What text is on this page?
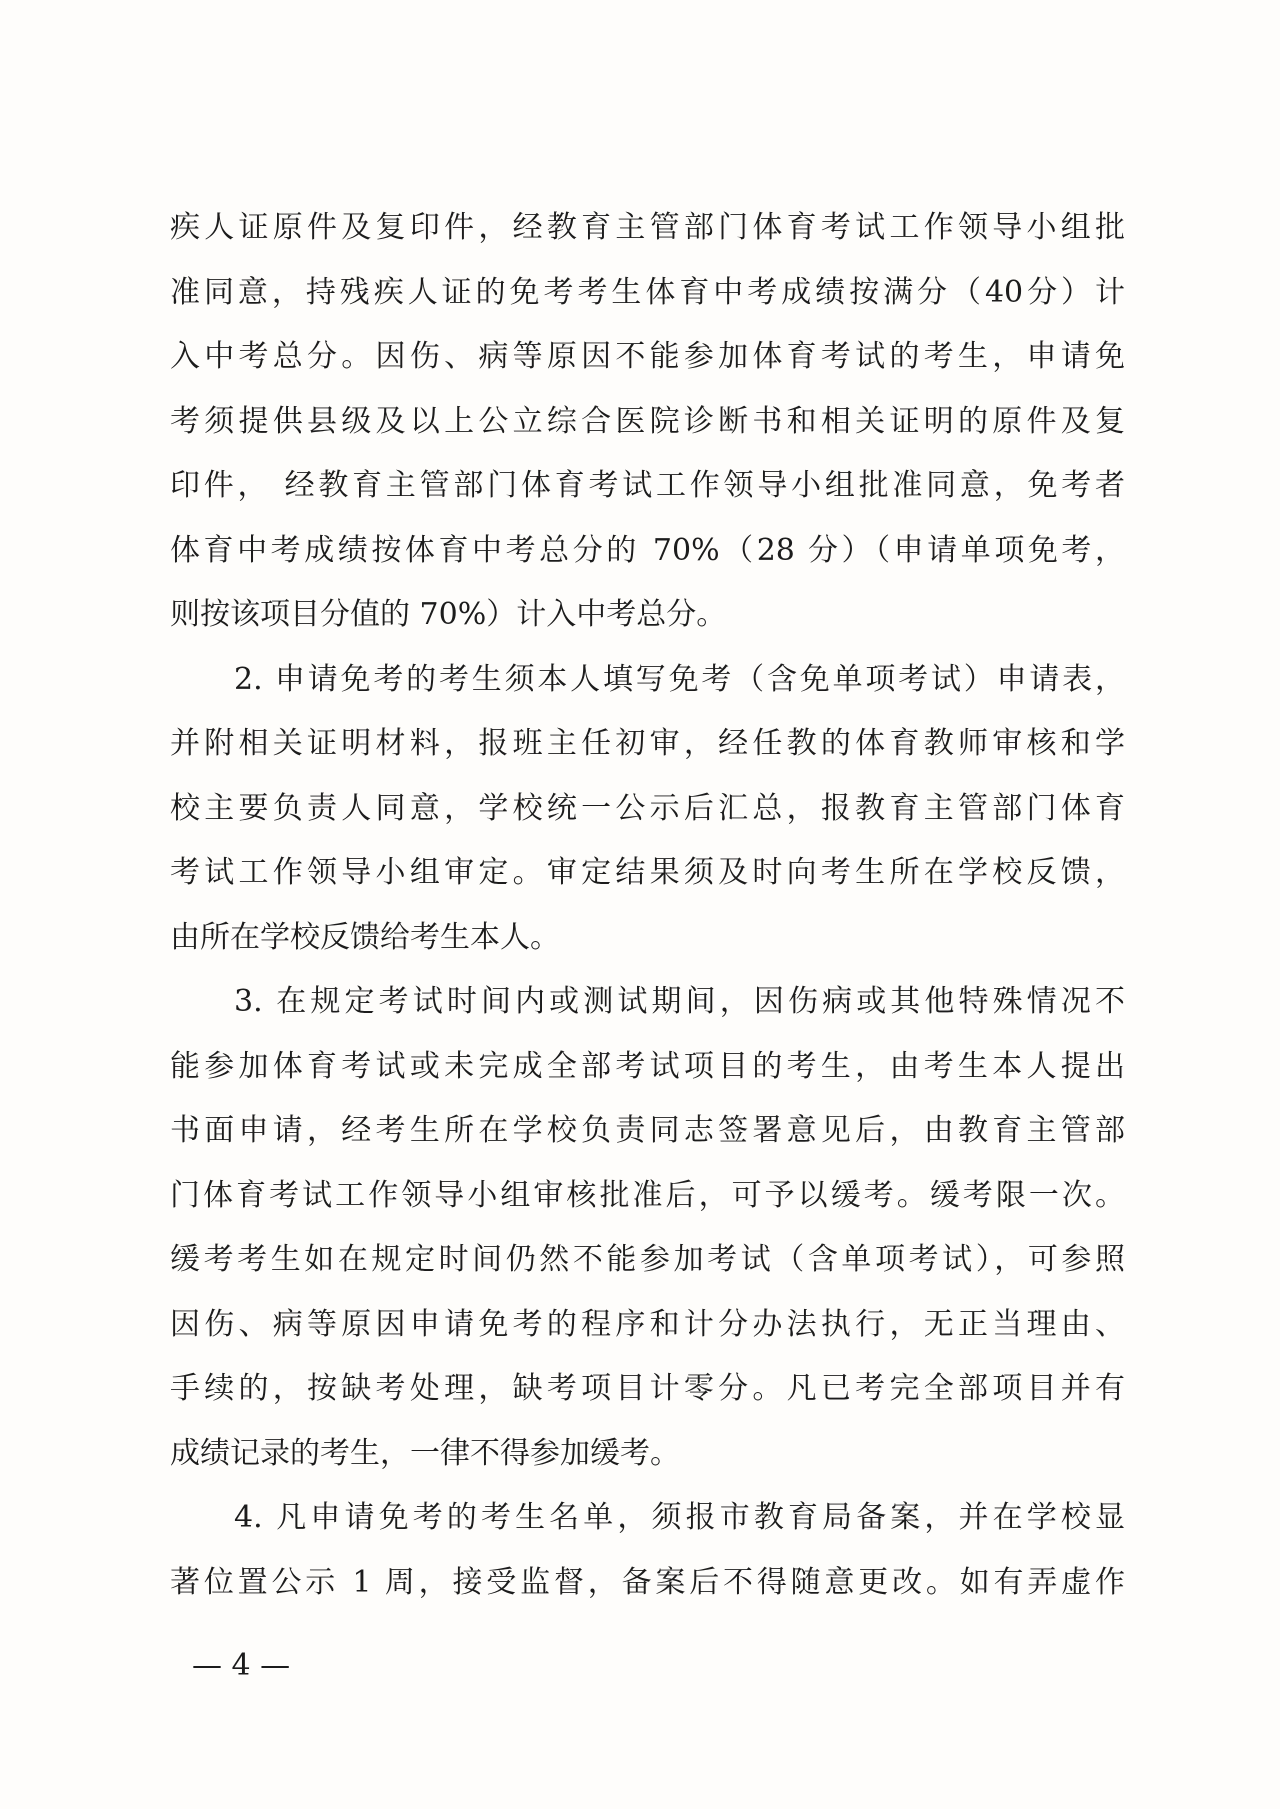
疾人证原件及复印件，经教育主管部门体育考试工作领导小组批
准同意，持残疾人证的免考考生体育中考成绩按满分（40分）计
入中考总分。因伤、病等原因不能参加体育考试的考生，申请免
考须提供县级及以上公立综合医院诊断书和相关证明的原件及复
印件， 经教育主管部门体育考试工作领导小组批准同意，免考者
体育中考成绩按体育中考总分的 70%（28 分）（申请单项免考，
则按该项目分值的 70%）计入中考总分。
2. 申请免考的考生须本人填写免考（含免单项考试）申请表，
并附相关证明材料，报班主任初审，经任教的体育教师审核和学
校主要负责人同意，学校统一公示后汇总，报教育主管部门体育
考试工作领导小组审定。审定结果须及时向考生所在学校反馈，
由所在学校反馈给考生本人。
3. 在规定考试时间内或测试期间，因伤病或其他特殊情况不
能参加体育考试或未完成全部考试项目的考生，由考生本人提出
书面申请，经考生所在学校负责同志签署意见后，由教育主管部
门体育考试工作领导小组审核批准后，可予以缓考。缓考限一次。
缓考考生如在规定时间仍然不能参加考试（含单项考试），可参照
因伤、病等原因申请免考的程序和计分办法执行，无正当理由、
手续的，按缺考处理，缺考项目计零分。凡已考完全部项目并有
成绩记录的考生，一律不得参加缓考。
4. 凡申请免考的考生名单，须报市教育局备案，并在学校显
著位置公示 1 周，接受监督，备案后不得随意更改。如有弄虚作
— 4 —
